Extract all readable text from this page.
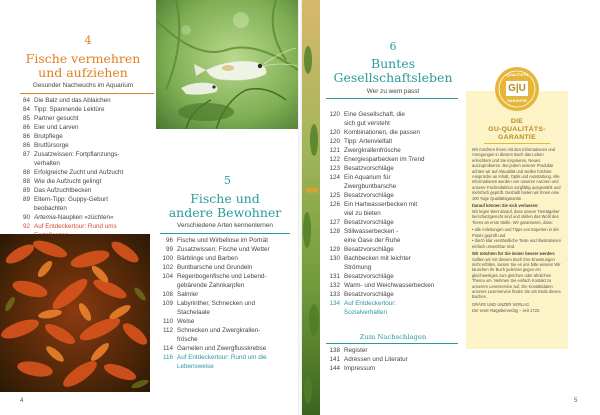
4
Fische vermehren
und aufziehen
Gesunder Nachwuchs im Aquarium
84 Die Balz und das Ablaichen
84 Tipp: Spannende Lektüre
85 Partner gesucht
86 Eier und Larven
86 Brutpflege
86 Brutfürsorge
87 Zusatzwissen: Fortpflanzungs-
verhalten
88 Erfolgreiche Zucht und Aufzucht
88 Wie die Aufzucht gelingt
89 Das Aufzuchtbecken
89 Eltern-Tipp: Guppy-Geburt
beobachten
90 Artemia -Nauplien »züchten«
92 Auf Entdeckertour: Rund ums
5
Fische und
andere Bewohner
Verschiedene Arten kennenlernen
96 Fische und Wirbellose im Porträt
99 Zusatzwissen: Fische und Wetter
100 Bärblinge und Barben
102 Buntbarsche und Grundeln
104 Regenbogenfische und Lebend-
gebärende Zahnkarpfen
108 Salmler
109 Labyrinther, Schnecken und
Stachelaale
110 Welse
112 Schnecken und Zwergkrallen-
frösche
114 Garnelen und Zwergflusskrebse
116 Auf Entdeckertour: Rund um die
Lebensweise
4
6
Buntes
Gesellschaftsleben
Wer zu wem passt
120 Eine Gesellschaft, die
sich gut versteht
120 Kombinationen, die passen
120 Tipp: Artenvielfalt
121 Zwergkrallenfrösche
122 Energiesparbecken im Trend
123 Besatzvorschläge
124 Ein Aquarium für
Zwergbuntbarsche
125 Besatzvorschläge
126 Ein Hartwasserbecken mit
viel zu bieten
127 Besatzvorschläge
128 Stillwasserbecken -
eine Oase der Ruhe
129 Besatzvorschläge
130 Bachbecken mit leichter
Strömung
131 Besatzvorschläge
132 Warm- und Weichwasserbecken
133 Besatzvorschläge
134 Auf Entdeckertour:
Sozialverhalten
Zum Nachschlagen
138 Register
141 Adressen und Literatur
144 Impressum
QUALITÄTS
G|U
GARANTIE
DIE
GU-QUALITÄTS-
GARANTIE

Wir möchten Ihnen mit den Informationen und Anregungen in diesem Buch das Leben erleichtern und Sie inspirieren, Neues auszuprobieren. Bei jedem unserer Produkte achten wir auf Aktualität und stellen höchste Ansprüche an Inhalt, Optik und Ausstattung. Alle Informationen werden von unseren Autoren und unserer Fachredaktion sorgfältig ausgewählt und mehrfach geprüft. Deshalb bieten wir Ihnen eine 100 %ige Qualitätsgarantie.

Darauf können Sie sich verlassen:

Wir legen Wert darauf, dass unsere Tierratgeber tierschutzgerecht sind und stellen das Wohl des Tieres an erste Stelle. Wir garantieren, dass:

• alle Anleitungen und Tipps von Experten in der Praxis geprüft und

• durch klar verständliche Texte und Illustrationen einfach umsetzbar sind.

Wir möchten für Sie immer besser werden:

Sollten wir mit diesem Buch Ihre Erwartungen nicht erfüllen, lassen Sie es uns bitte wissen! Wir tauschen Ihr Buch jederzeit gegen ein gleichwertiges zum gleichen oder ähnlichen Thema um. Nehmen Sie einfach Kontakt zu unserem Leserservice auf. Die Kontaktdaten unseres Leserservice finden Sie am Ende dieses Buches.

GRÄFE UND UNZER VERLAG.

Der erste Ratgeberverlag – seit 1722.

5
